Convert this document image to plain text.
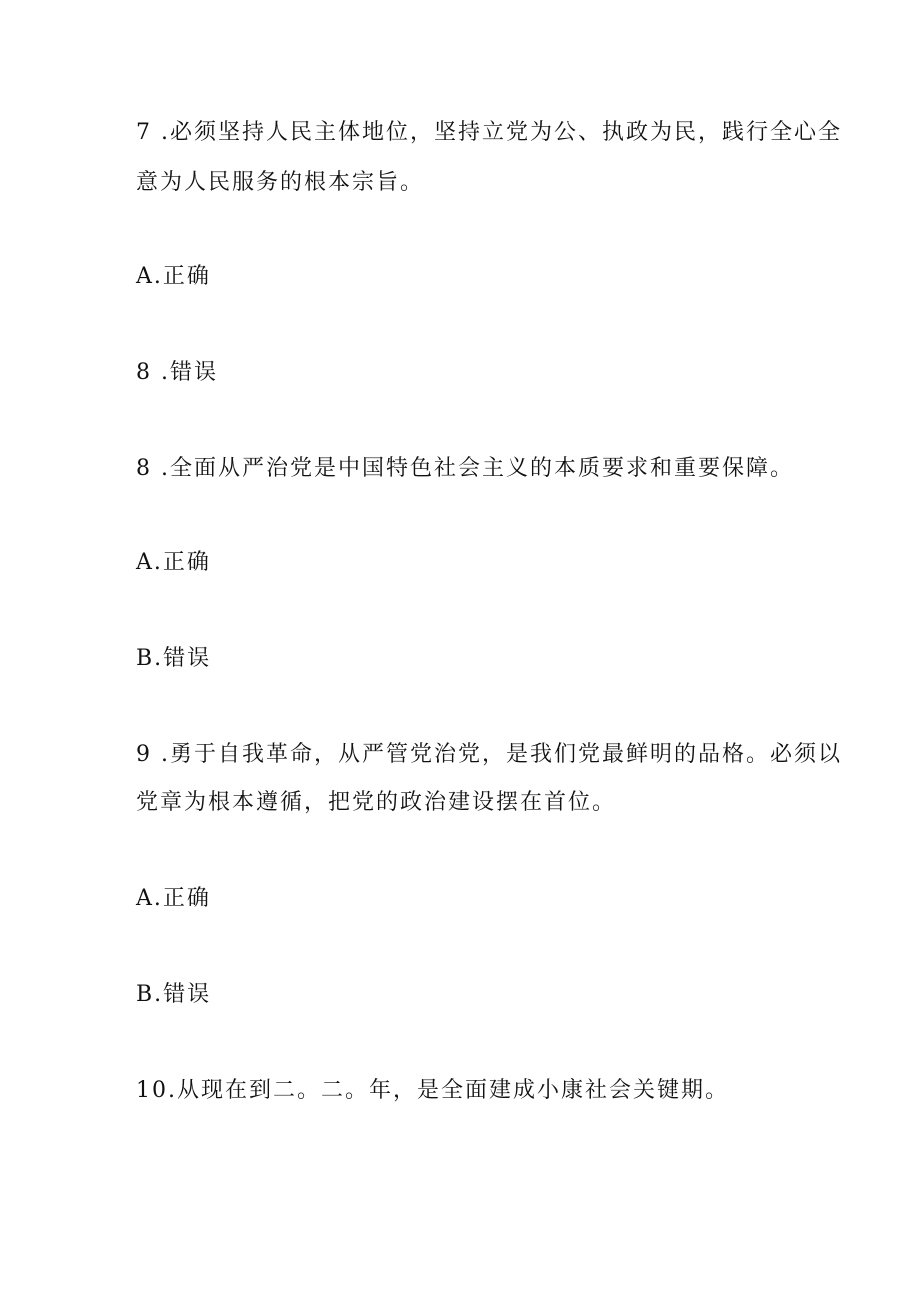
7 .必须坚持人民主体地位，坚持立党为公、执政为民，践行全心全
意为人民服务的根本宗旨。
A.正确
8 .错误
8 .全面从严治党是中国特色社会主义的本质要求和重要保障。
A.正确
B.错误
9 .勇于自我革命，从严管党治党，是我们党最鲜明的品格。必须以
党章为根本遵循，把党的政治建设摆在首位。
A.正确
B.错误
10.从现在到二。二。年，是全面建成小康社会关键期。
